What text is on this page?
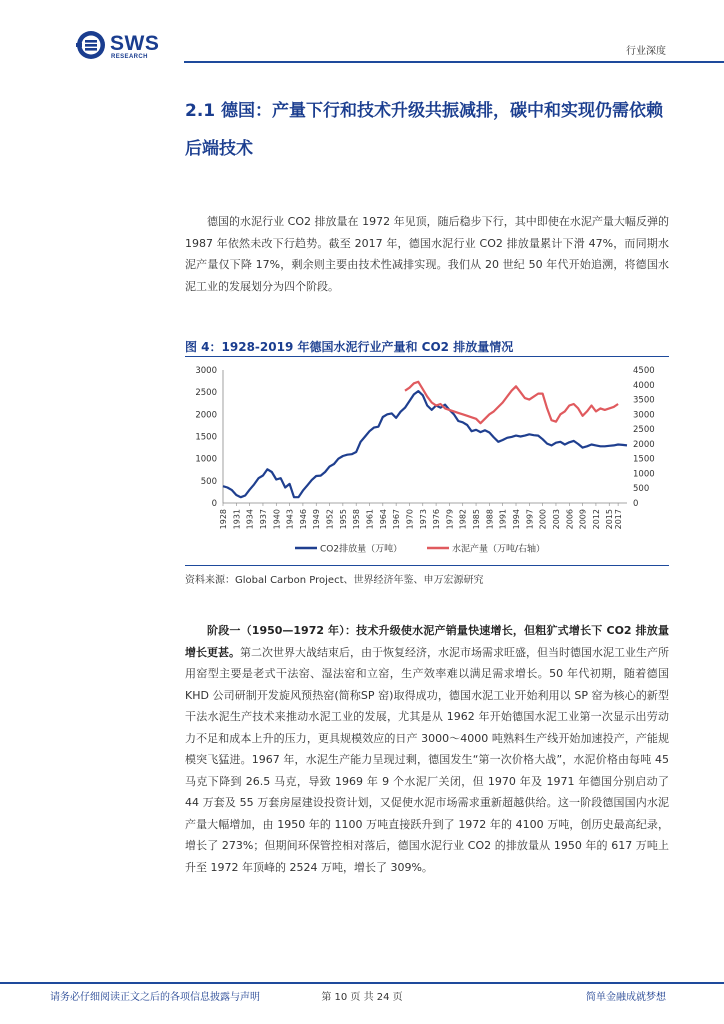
SWS
RESEARCH	行业深度
2.1 德国：产量下行和技术升级共振减排，碳中和实现仍需依赖后端技术
德国的水泥行业 CO2 排放量在 1972 年见顶，随后稳步下行，其中即使在水泥产量大幅反弹的 1987 年依然未改下行趋势。截至 2017 年，德国水泥行业 CO2 排放量累计下滑 47%，而同期水泥产量仅下降 17%，剩余则主要由技术性减排实现。我们从 20 世纪 50 年代开始追溯，将德国水泥工业的发展划分为四个阶段。
图 4：1928-2019 年德国水泥行业产量和 CO2 排放量情况
0
500
1000
1500
2000
2500
3000
0
500
1000
1500
2000
2500
3000
3500
4000
4500
1928 1931 1934 1937 1940 1943 1946 1949 1952 1955 1958 1961 1964 1967 1970 1973 1976 1979 1982 1985 1988 1991 1994 1997 2000 2003 2006 2009 2012 2015 2017
CO2排放量（万吨）	水泥产量（万吨/右轴）
资料来源：Global Carbon Project、世界经济年鉴、申万宏源研究
阶段一（1950—1972 年）：技术升级使水泥产销量快速增长，但粗犷式增长下 CO2 排放量增长更甚。第二次世界大战结束后，由于恢复经济，水泥市场需求旺盛，但当时德国水泥工业生产所用窑型主要是老式干法窑、湿法窑和立窑，生产效率难以满足需求增长。50 年代初期，随着德国 KHD 公司研制开发旋风预热窑(简称SP 窑)取得成功，德国水泥工业开始利用以 SP 窑为核心的新型干法水泥生产技术来推动水泥工业的发展，尤其是从 1962 年开始德国水泥工业第一次显示出劳动力不足和成本上升的压力，更具规模效应的日产 3000～4000 吨熟料生产线开始加速投产，产能规模突飞猛进。1967 年，水泥生产能力呈现过剩，德国发生“第一次价格大战”，水泥价格由每吨 45 马克下降到 26.5 马克，导致 1969 年 9 个水泥厂关闭，但 1970 年及 1971 年德国分别启动了 44 万套及 55 万套房屋建设投资计划，又促使水泥市场需求重新超越供给。这一阶段德国国内水泥产量大幅增加，由 1950 年的 1100 万吨直接跃升到了 1972 年的 4100 万吨，创历史最高纪录，增长了 273%；但期间环保管控相对落后，德国水泥行业 CO2 的排放量从 1950 年的 617 万吨上升至 1972 年顶峰的 2524 万吨，增长了 309%。
请务必仔细阅读正文之后的各项信息披露与声明	第 10 页 共 24 页	简单金融成就梦想
